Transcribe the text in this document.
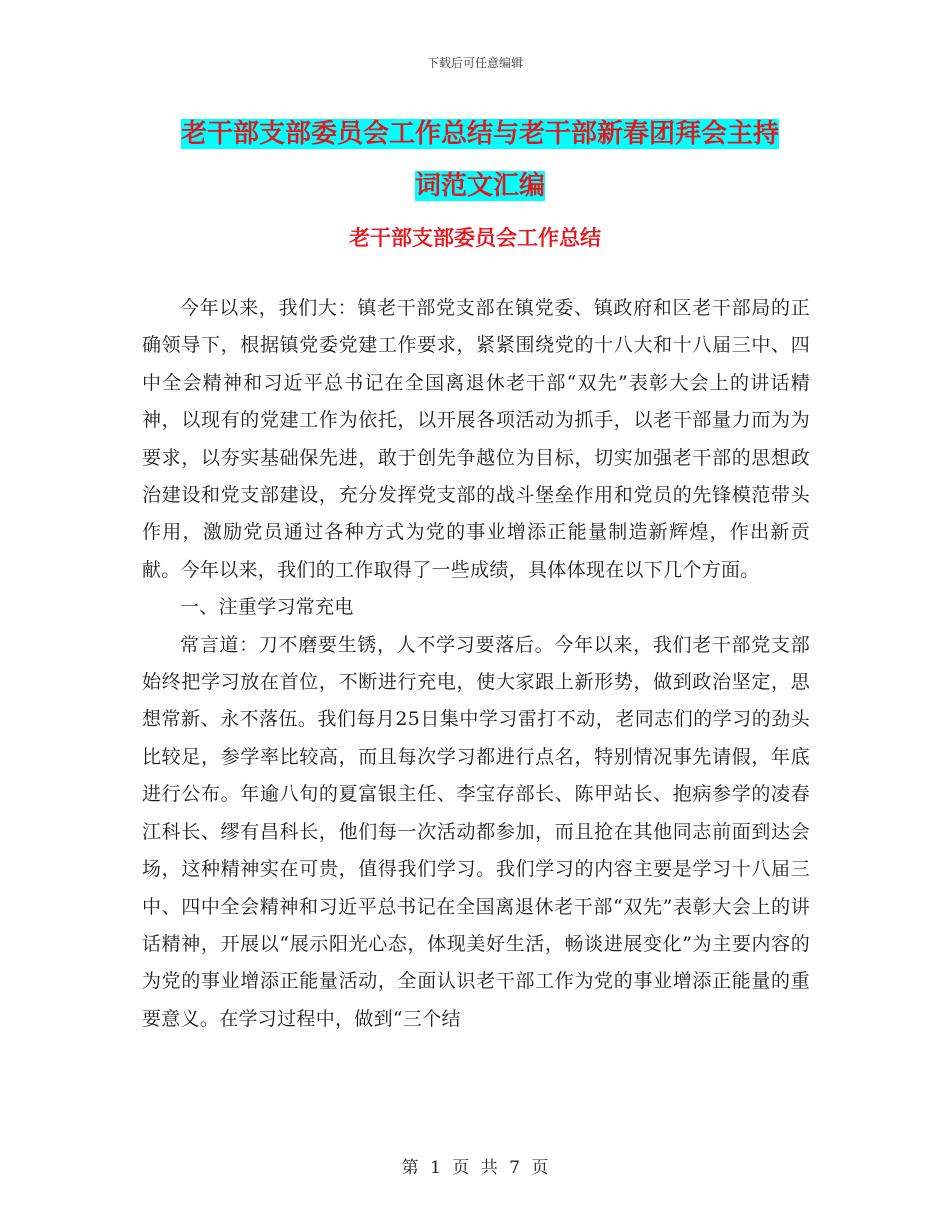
下载后可任意编辑
老干部支部委员会工作总结与老干部新春团拜会主持
词范文汇编
老干部支部委员会工作总结

今年以来，我们大：镇老干部党支部在镇党委、镇政府和区老干部局的正确领导下，根据镇党委党建工作要求，紧紧围绕党的十八大和十八届三中、四中全会精神和习近平总书记在全国离退休老干部“双先”表彰大会上的讲话精神，以现有的党建工作为依托，以开展各项活动为抓手，以老干部量力而为为要求，以夯实基础保先进，敢于创先争越位为目标，切实加强老干部的思想政治建设和党支部建设，充分发挥党支部的战斗堡垒作用和党员的先锋模范带头作用，激励党员通过各种方式为党的事业增添正能量制造新辉煌，作出新贡献。今年以来，我们的工作取得了一些成绩，具体体现在以下几个方面。

一、注重学习常充电

常言道：刀不磨要生锈，人不学习要落后。今年以来，我们老干部党支部始终把学习放在首位，不断进行充电，使大家跟上新形势，做到政治坚定，思想常新、永不落伍。我们每月25日集中学习雷打不动，老同志们的学习的劲头比较足，参学率比较高，而且每次学习都进行点名，特别情况事先请假，年底进行公布。年逾八旬的夏富银主任、李宝存部长、陈甲站长、抱病参学的凌春江科长、缪有昌科长，他们每一次活动都参加，而且抢在其他同志前面到达会场，这种精神实在可贵，值得我们学习。我们学习的内容主要是学习十八届三中、四中全会精神和习近平总书记在全国离退休老干部“双先”表彰大会上的讲话精神，开展以“展示阳光心态，体现美好生活，畅谈进展变化”为主要内容的为党的事业增添正能量活动，全面认识老干部工作为党的事业增添正能量的重要意义。在学习过程中，做到“三个结

第 1 页 共 7 页
